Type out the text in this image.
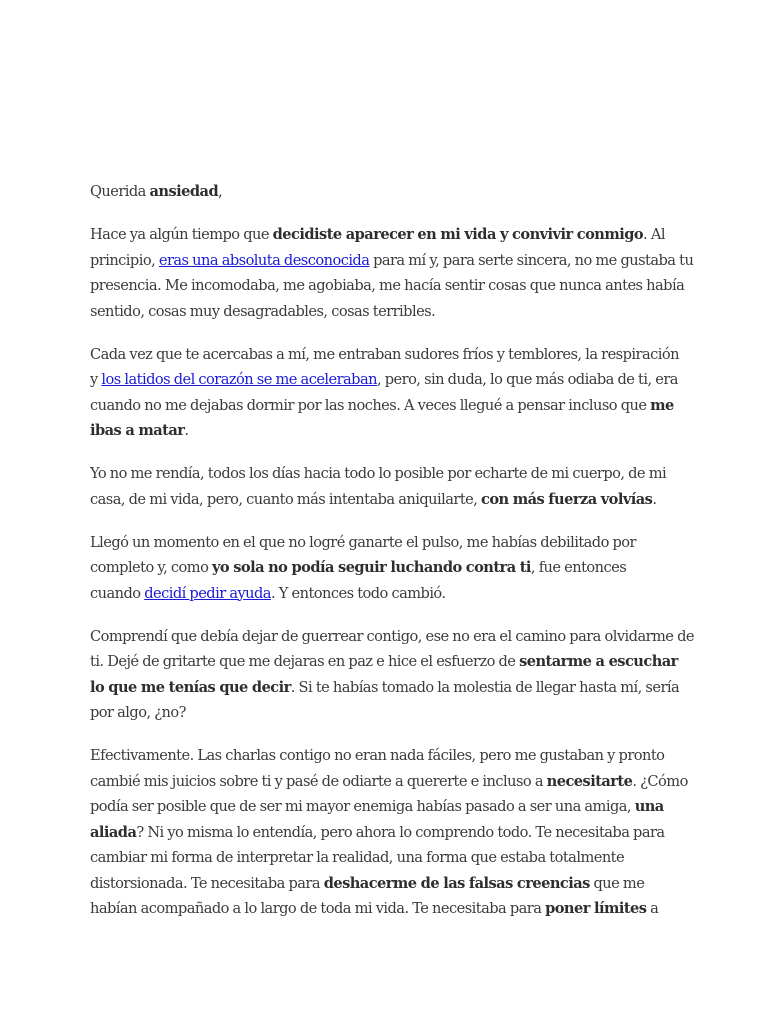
Querida ansiedad,

Hace ya algún tiempo que decidiste aparecer en mi vida y convivir conmigo. Al
principio, eras una absoluta desconocida para mí y, para serte sincera, no me gustaba tu
presencia. Me incomodaba, me agobiaba, me hacía sentir cosas que nunca antes había
sentido, cosas muy desagradables, cosas terribles.

Cada vez que te acercabas a mí, me entraban sudores fríos y temblores, la respiración
y los latidos del corazón se me aceleraban, pero, sin duda, lo que más odiaba de ti, era
cuando no me dejabas dormir por las noches. A veces llegué a pensar incluso que me
ibas a matar.

Yo no me rendía, todos los días hacia todo lo posible por echarte de mi cuerpo, de mi
casa, de mi vida, pero, cuanto más intentaba aniquilarte, con más fuerza volvías.

Llegó un momento en el que no logré ganarte el pulso, me habías debilitado por
completo y, como yo sola no podía seguir luchando contra ti, fue entonces
cuando decidí pedir ayuda. Y entonces todo cambió.

Comprendí que debía dejar de guerrear contigo, ese no era el camino para olvidarme de
ti. Dejé de gritarte que me dejaras en paz e hice el esfuerzo de sentarme a escuchar
lo que me tenías que decir. Si te habías tomado la molestia de llegar hasta mí, sería
por algo, ¿no?

Efectivamente. Las charlas contigo no eran nada fáciles, pero me gustaban y pronto
cambié mis juicios sobre ti y pasé de odiarte a quererte e incluso a necesitarte. ¿Cómo
podía ser posible que de ser mi mayor enemiga habías pasado a ser una amiga, una
aliada? Ni yo misma lo entendía, pero ahora lo comprendo todo. Te necesitaba para
cambiar mi forma de interpretar la realidad, una forma que estaba totalmente
distorsionada. Te necesitaba para deshacerme de las falsas creencias que me
habían acompañado a lo largo de toda mi vida. Te necesitaba para poner límites a
